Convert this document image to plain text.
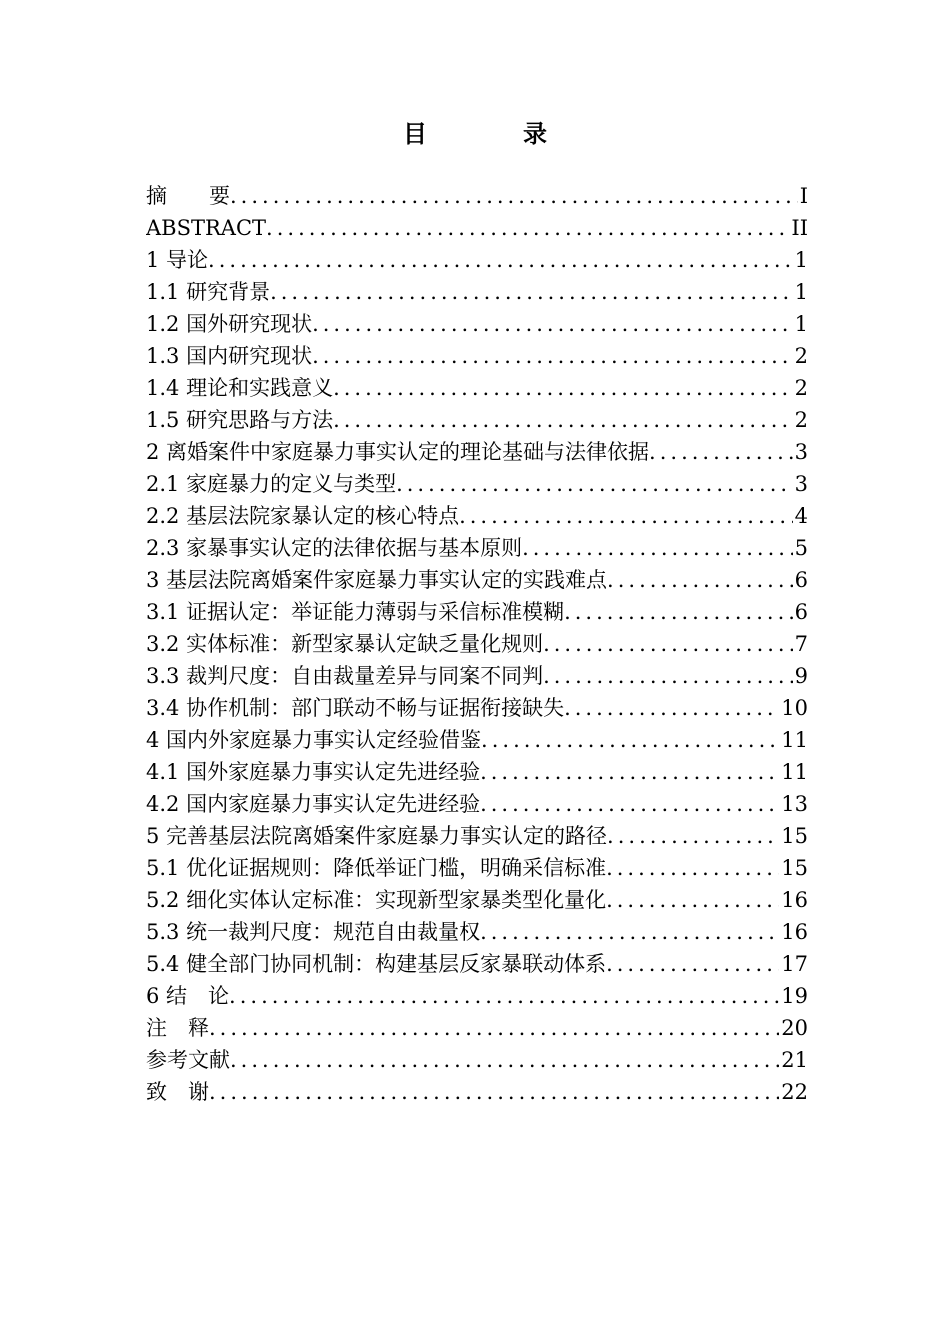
目　录
摘　　要 .....	I
ABSTRACT .....	II
1 导论 .....	1
1.1 研究背景 .....	1
1.2 国外研究现状 .....	1
1.3 国内研究现状 .....	2
1.4 理论和实践意义 .....	2
1.5 研究思路与方法 .....	2
2 离婚案件中家庭暴力事实认定的理论基础与法律依据 .....	3
2.1 家庭暴力的定义与类型 .....	3
2.2 基层法院家暴认定的核心特点 .....	4
2.3 家暴事实认定的法律依据与基本原则 .....	5
3 基层法院离婚案件家庭暴力事实认定的实践难点 .....	6
3.1 证据认定：举证能力薄弱与采信标准模糊 .....	6
3.2 实体标准：新型家暴认定缺乏量化规则 .....	7
3.3 裁判尺度：自由裁量差异与同案不同判 .....	9
3.4 协作机制：部门联动不畅与证据衔接缺失 .....	10
4 国内外家庭暴力事实认定经验借鉴 .....	11
4.1 国外家庭暴力事实认定先进经验 .....	11
4.2 国内家庭暴力事实认定先进经验 .....	13
5 完善基层法院离婚案件家庭暴力事实认定的路径 .....	15
5.1 优化证据规则：降低举证门槛，明确采信标准 .....	15
5.2 细化实体认定标准：实现新型家暴类型化量化 .....	16
5.3 统一裁判尺度：规范自由裁量权 .....	16
5.4 健全部门协同机制：构建基层反家暴联动体系 .....	17
6 结　论 .....	19
注　释 .....	20
参考文献 .....	21
致　谢 .....	22
